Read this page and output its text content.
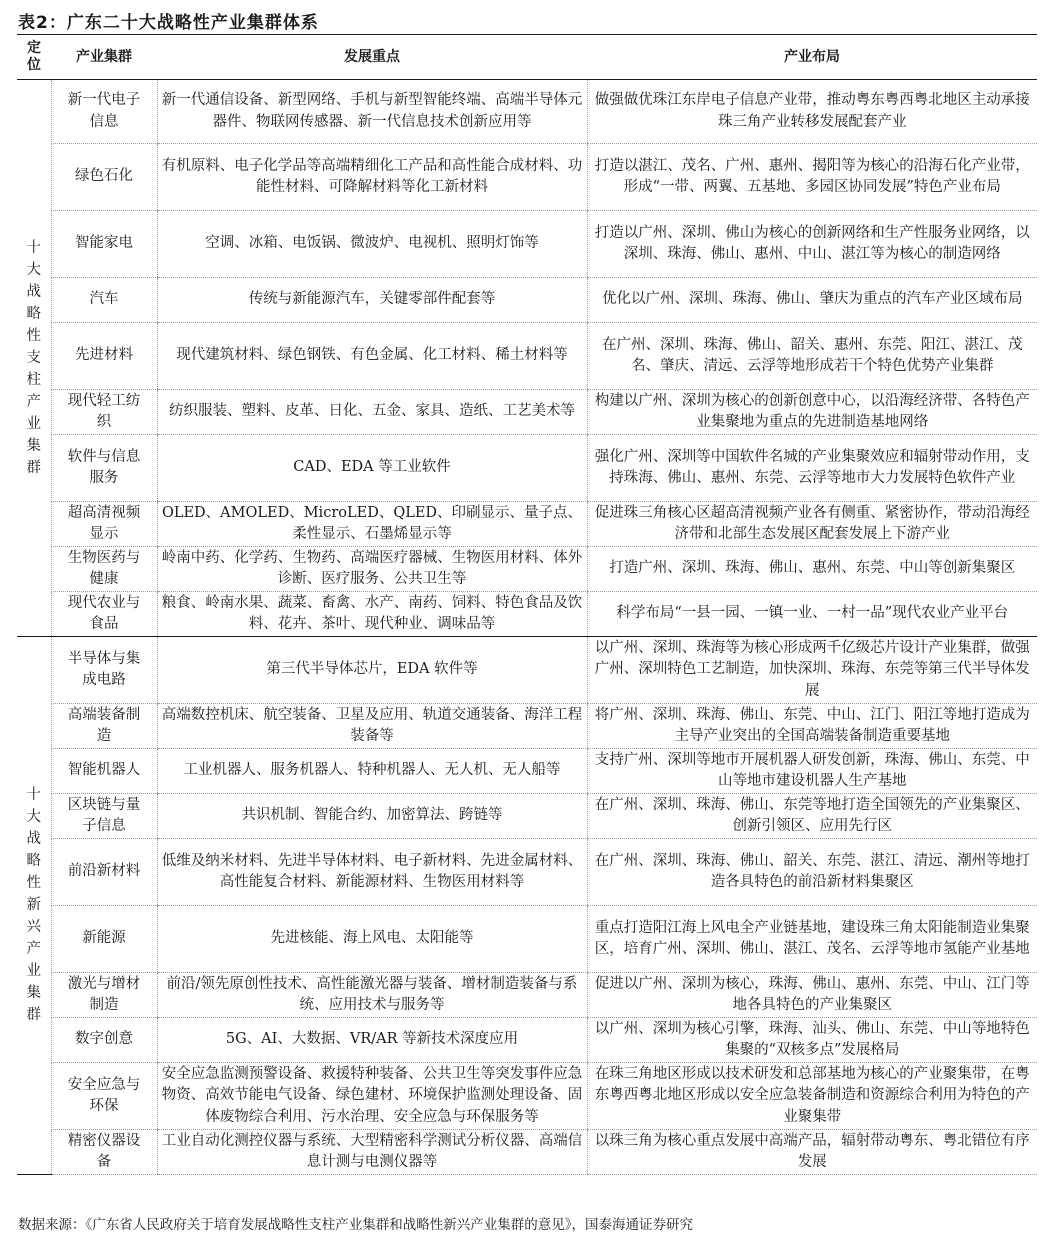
表2：广东二十大战略性产业集群体系
定位	产业集群	发展重点	产业布局
十大战略性支柱产业集群	新一代电子信息	新一代通信设备、新型网络、手机与新型智能终端、高端半导体元器件、物联网传感器、新一代信息技术创新应用等	做强做优珠江东岸电子信息产业带，推动粤东粤西粤北地区主动承接珠三角产业转移发展配套产业
	绿色石化	有机原料、电子化学品等高端精细化工产品和高性能合成材料、功能性材料、可降解材料等化工新材料	打造以湛江、茂名、广州、惠州、揭阳等为核心的沿海石化产业带，形成“一带、两翼、五基地、多园区协同发展”特色产业布局
	智能家电	空调、冰箱、电饭锅、微波炉、电视机、照明灯饰等	打造以广州、深圳、佛山为核心的创新网络和生产性服务业网络，以深圳、珠海、佛山、惠州、中山、湛江等为核心的制造网络
	汽车	传统与新能源汽车，关键零部件配套等	优化以广州、深圳、珠海、佛山、肇庆为重点的汽车产业区域布局
	先进材料	现代建筑材料、绿色钢铁、有色金属、化工材料、稀土材料等	在广州、深圳、珠海、佛山、韶关、惠州、东莞、阳江、湛江、茂名、肇庆、清远、云浮等地形成若干个特色优势产业集群
	现代轻工纺织	纺织服装、塑料、皮革、日化、五金、家具、造纸、工艺美术等	构建以广州、深圳为核心的创新创意中心，以沿海经济带、各特色产业集聚地为重点的先进制造基地网络
	软件与信息服务	CAD、EDA 等工业软件	强化广州、深圳等中国软件名城的产业集聚效应和辐射带动作用，支持珠海、佛山、惠州、东莞、云浮等地市大力发展特色软件产业
	超高清视频显示	OLED、AMOLED、MicroLED、QLED、印刷显示、量子点、柔性显示、石墨烯显示等	促进珠三角核心区超高清视频产业各有侧重、紧密协作，带动沿海经济带和北部生态发展区配套发展上下游产业
	生物医药与健康	岭南中药、化学药、生物药、高端医疗器械、生物医用材料、体外诊断、医疗服务、公共卫生等	打造广州、深圳、珠海、佛山、惠州、东莞、中山等创新集聚区
	现代农业与食品	粮食、岭南水果、蔬菜、畜禽、水产、南药、饲料、特色食品及饮料、花卉、茶叶、现代种业、调味品等	科学布局“一县一园、一镇一业、一村一品”现代农业产业平台
十大战略性新兴产业集群	半导体与集成电路	第三代半导体芯片，EDA 软件等	以广州、深圳、珠海等为核心形成两千亿级芯片设计产业集群，做强广州、深圳特色工艺制造，加快深圳、珠海、东莞等第三代半导体发展
	高端装备制造	高端数控机床、航空装备、卫星及应用、轨道交通装备、海洋工程装备等	将广州、深圳、珠海、佛山、东莞、中山、江门、阳江等地打造成为主导产业突出的全国高端装备制造重要基地
	智能机器人	工业机器人、服务机器人、特种机器人、无人机、无人船等	支持广州、深圳等地市开展机器人研发创新，珠海、佛山、东莞、中山等地市建设机器人生产基地
	区块链与量子信息	共识机制、智能合约、加密算法、跨链等	在广州、深圳、珠海、佛山、东莞等地打造全国领先的产业集聚区、创新引领区、应用先行区
	前沿新材料	低维及纳米材料、先进半导体材料、电子新材料、先进金属材料、高性能复合材料、新能源材料、生物医用材料等	在广州、深圳、珠海、佛山、韶关、东莞、湛江、清远、潮州等地打造各具特色的前沿新材料集聚区
	新能源	先进核能、海上风电、太阳能等	重点打造阳江海上风电全产业链基地，建设珠三角太阳能制造业集聚区，培育广州、深圳、佛山、湛江、茂名、云浮等地市氢能产业基地
	激光与增材制造	前沿/领先原创性技术、高性能激光器与装备、增材制造装备与系统、应用技术与服务等	促进以广州、深圳为核心，珠海、佛山、惠州、东莞、中山、江门等地各具特色的产业集聚区
	数字创意	5G、AI、大数据、VR/AR 等新技术深度应用	以广州、深圳为核心引擎，珠海、汕头、佛山、东莞、中山等地特色集聚的“双核多点”发展格局
	安全应急与环保	安全应急监测预警设备、救援特种装备、公共卫生等突发事件应急物资、高效节能电气设备、绿色建材、环境保护监测处理设备、固体废物综合利用、污水治理、安全应急与环保服务等	在珠三角地区形成以技术研发和总部基地为核心的产业聚集带，在粤东粤西粤北地区形成以安全应急装备制造和资源综合利用为特色的产业聚集带
	精密仪器设备	工业自动化测控仪器与系统、大型精密科学测试分析仪器、高端信息计测与电测仪器等	以珠三角为核心重点发展中高端产品，辐射带动粤东、粤北错位有序发展
数据来源：《广东省人民政府关于培育发展战略性支柱产业集群和战略性新兴产业集群的意见》，国泰海通证券研究
